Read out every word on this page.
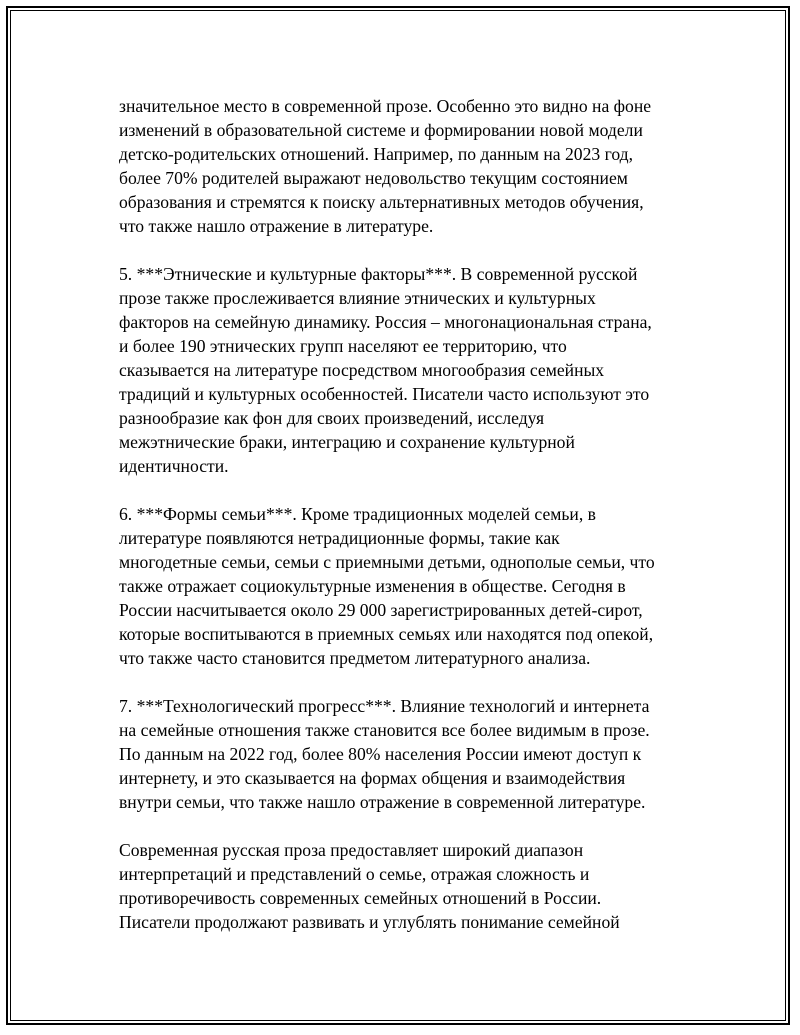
значительное место в современной прозе. Особенно это видно на фоне
изменений в образовательной системе и формировании новой модели
детско-родительских отношений. Например, по данным на 2023 год,
более 70% родителей выражают недовольство текущим состоянием
образования и стремятся к поиску альтернативных методов обучения,
что также нашло отражение в литературе.

5. ***Этнические и культурные факторы***. В современной русской
прозе также прослеживается влияние этнических и культурных
факторов на семейную динамику. Россия – многонациональная страна,
и более 190 этнических групп населяют ее территорию, что
сказывается на литературе посредством многообразия семейных
традиций и культурных особенностей. Писатели часто используют это
разнообразие как фон для своих произведений, исследуя
межэтнические браки, интеграцию и сохранение культурной
идентичности.

6. ***Формы семьи***. Кроме традиционных моделей семьи, в
литературе появляются нетрадиционные формы, такие как
многодетные семьи, семьи с приемными детьми, однополые семьи, что
также отражает социокультурные изменения в обществе. Сегодня в
России насчитывается около 29 000 зарегистрированных детей-сирот,
которые воспитываются в приемных семьях или находятся под опекой,
что также часто становится предметом литературного анализа.

7. ***Технологический прогресс***. Влияние технологий и интернета
на семейные отношения также становится все более видимым в прозе.
По данным на 2022 год, более 80% населения России имеют доступ к
интернету, и это сказывается на формах общения и взаимодействия
внутри семьи, что также нашло отражение в современной литературе.

Современная русская проза предоставляет широкий диапазон
интерпретаций и представлений о семье, отражая сложность и
противоречивость современных семейных отношений в России.
Писатели продолжают развивать и углублять понимание семейной
